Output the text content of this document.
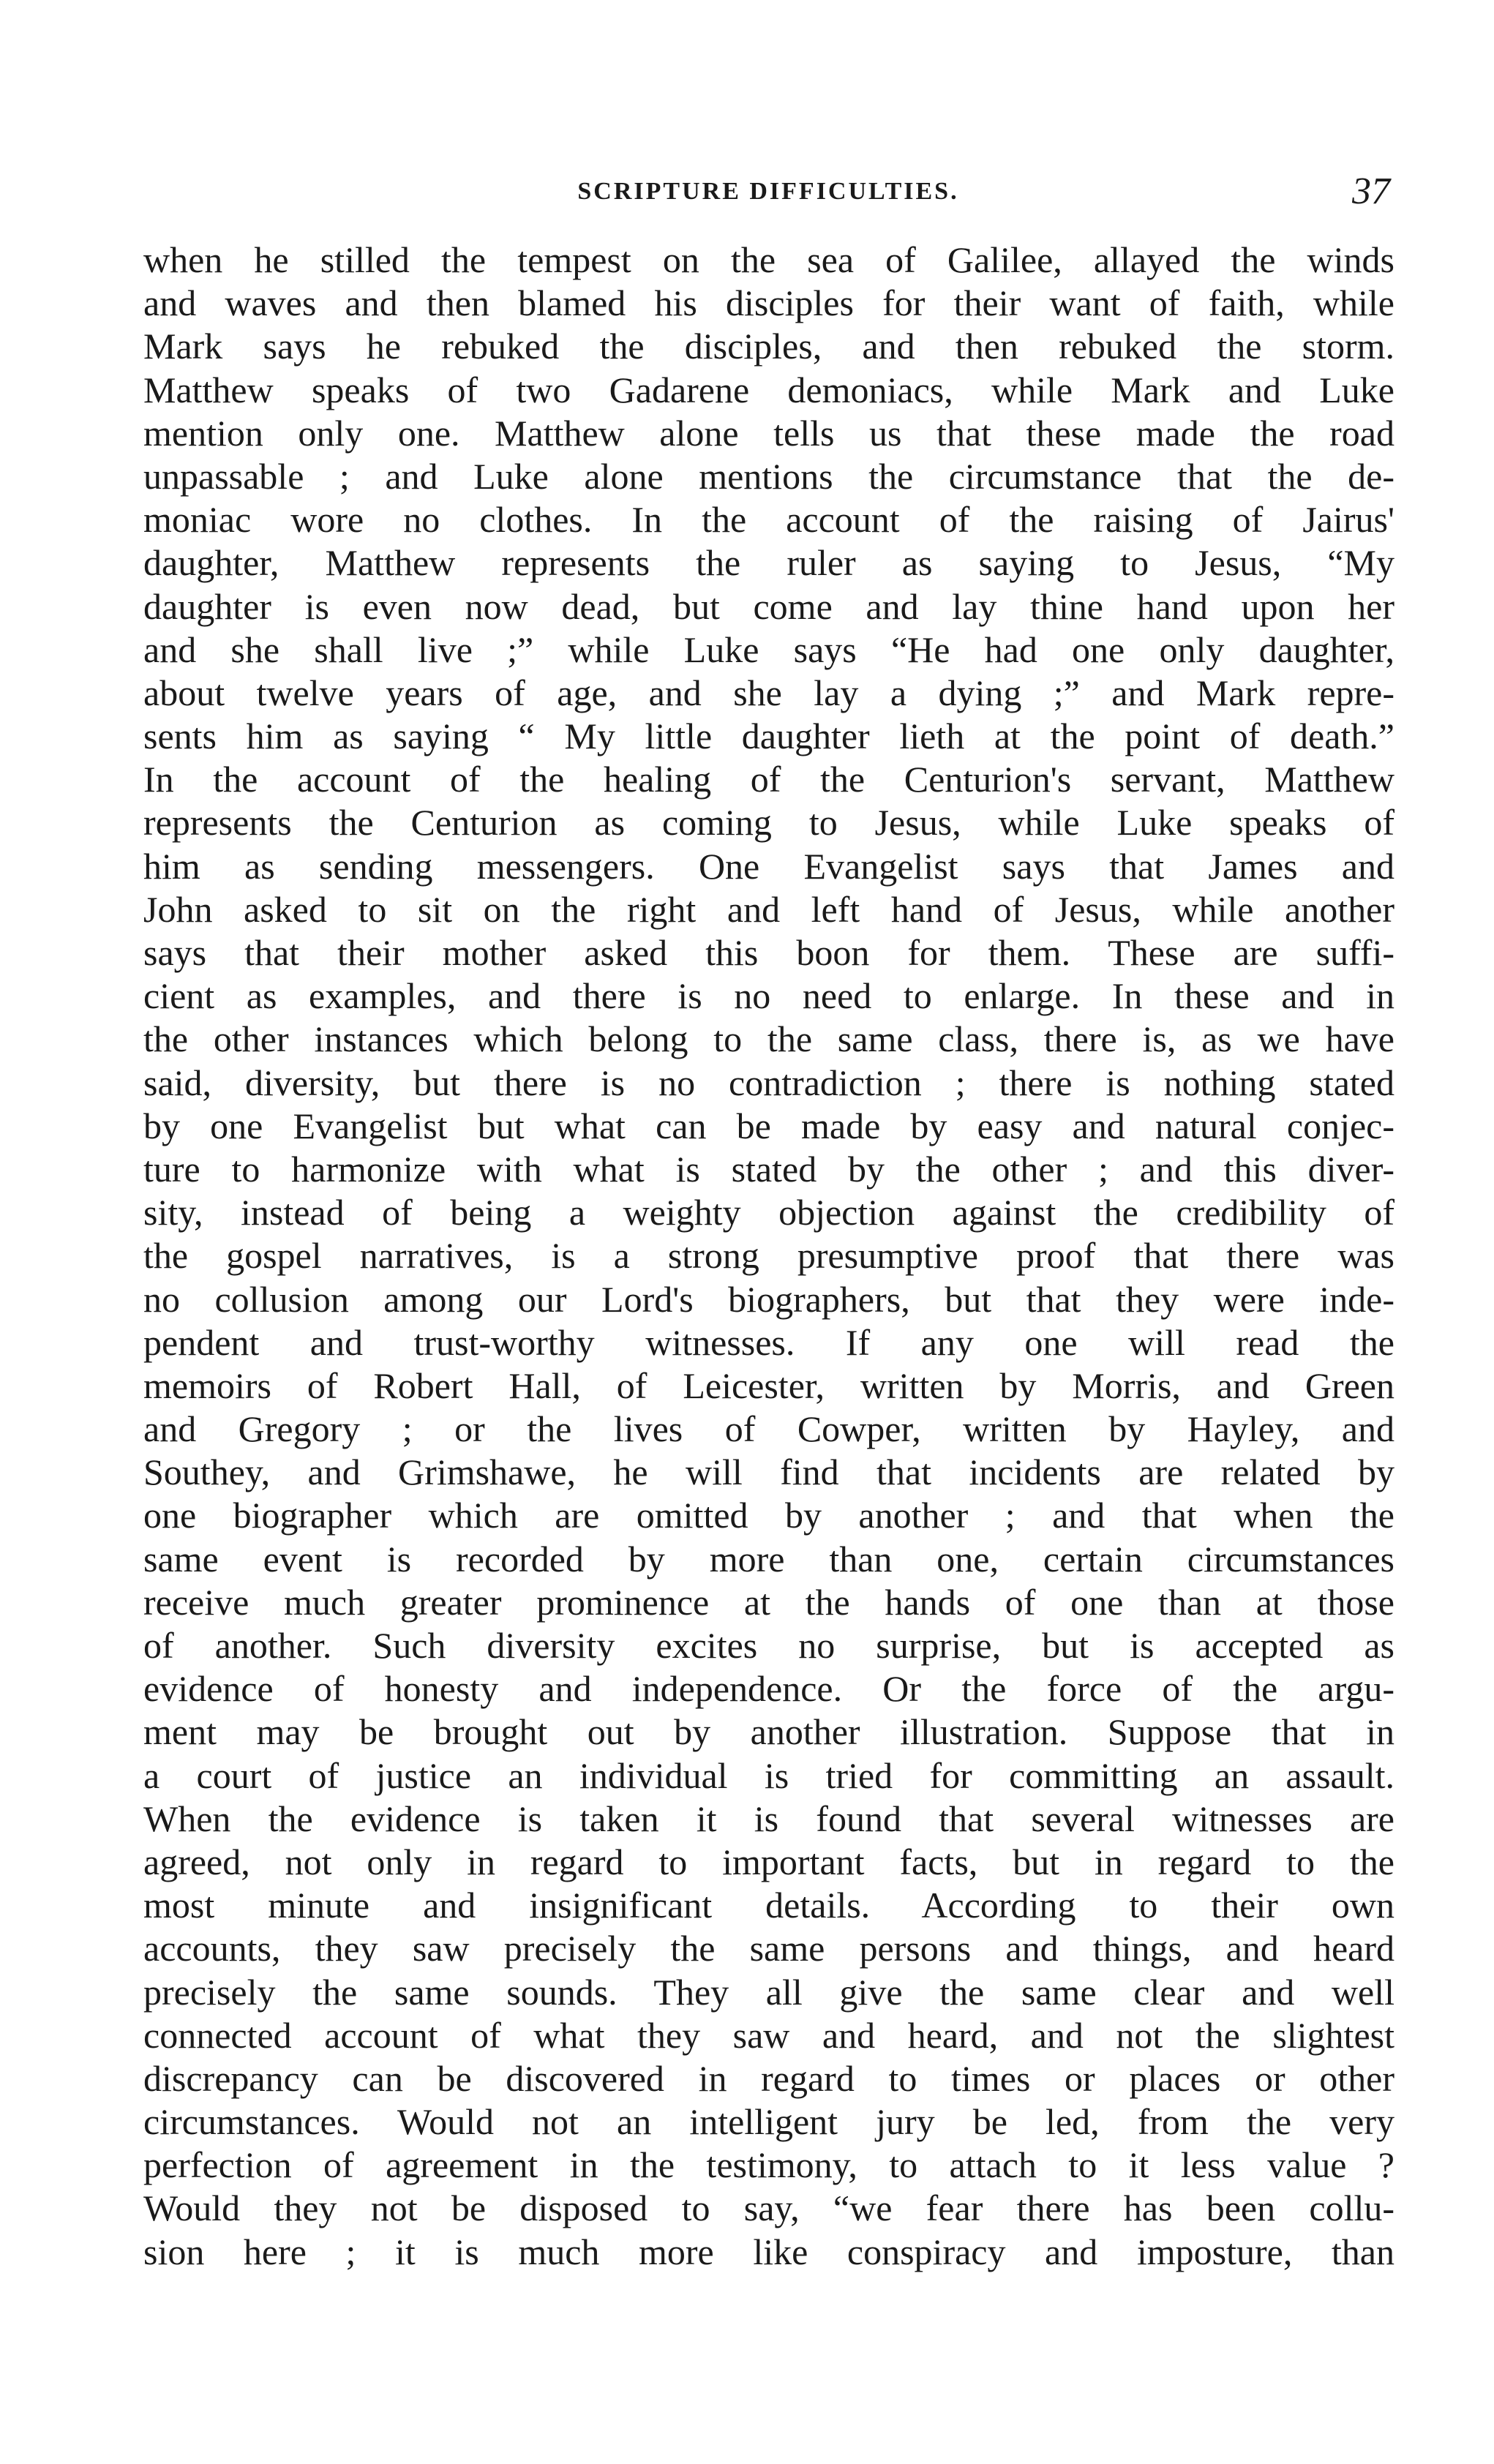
SCRIPTURE DIFFICULTIES.	37
when he stilled the tempest on the sea of Galilee, allayed the winds
and waves and then blamed his disciples for their want of faith, while
Mark says he rebuked the disciples, and then rebuked the storm.
Matthew speaks of two Gadarene demoniacs, while Mark and Luke
mention only one. Matthew alone tells us that these made the road
unpassable ; and Luke alone mentions the circumstance that the de-
moniac wore no clothes. In the account of the raising of Jairus'
daughter, Matthew represents the ruler as saying to Jesus, “My
daughter is even now dead, but come and lay thine hand upon her
and she shall live ;” while Luke says “He had one only daughter,
about twelve years of age, and she lay a dying ;” and Mark repre-
sents him as saying “ My little daughter lieth at the point of death.”
In the account of the healing of the Centurion's servant, Matthew
represents the Centurion as coming to Jesus, while Luke speaks of
him as sending messengers. One Evangelist says that James and
John asked to sit on the right and left hand of Jesus, while another
says that their mother asked this boon for them. These are suffi-
cient as examples, and there is no need to enlarge. In these and in
the other instances which belong to the same class, there is, as we have
said, diversity, but there is no contradiction ; there is nothing stated
by one Evangelist but what can be made by easy and natural conjec-
ture to harmonize with what is stated by the other ; and this diver-
sity, instead of being a weighty objection against the credibility of
the gospel narratives, is a strong presumptive proof that there was
no collusion among our Lord's biographers, but that they were inde-
pendent and trust-worthy witnesses. If any one will read the
memoirs of Robert Hall, of Leicester, written by Morris, and Green
and Gregory ; or the lives of Cowper, written by Hayley, and
Southey, and Grimshawe, he will find that incidents are related by
one biographer which are omitted by another ; and that when the
same event is recorded by more than one, certain circumstances
receive much greater prominence at the hands of one than at those
of another. Such diversity excites no surprise, but is accepted as
evidence of honesty and independence. Or the force of the argu-
ment may be brought out by another illustration. Suppose that in
a court of justice an individual is tried for committing an assault.
When the evidence is taken it is found that several witnesses are
agreed, not only in regard to important facts, but in regard to the
most minute and insignificant details. According to their own
accounts, they saw precisely the same persons and things, and heard
precisely the same sounds. They all give the same clear and well
connected account of what they saw and heard, and not the slightest
discrepancy can be discovered in regard to times or places or other
circumstances. Would not an intelligent jury be led, from the very
perfection of agreement in the testimony, to attach to it less value ?
Would they not be disposed to say, “we fear there has been collu-
sion here ; it is much more like conspiracy and imposture, than
